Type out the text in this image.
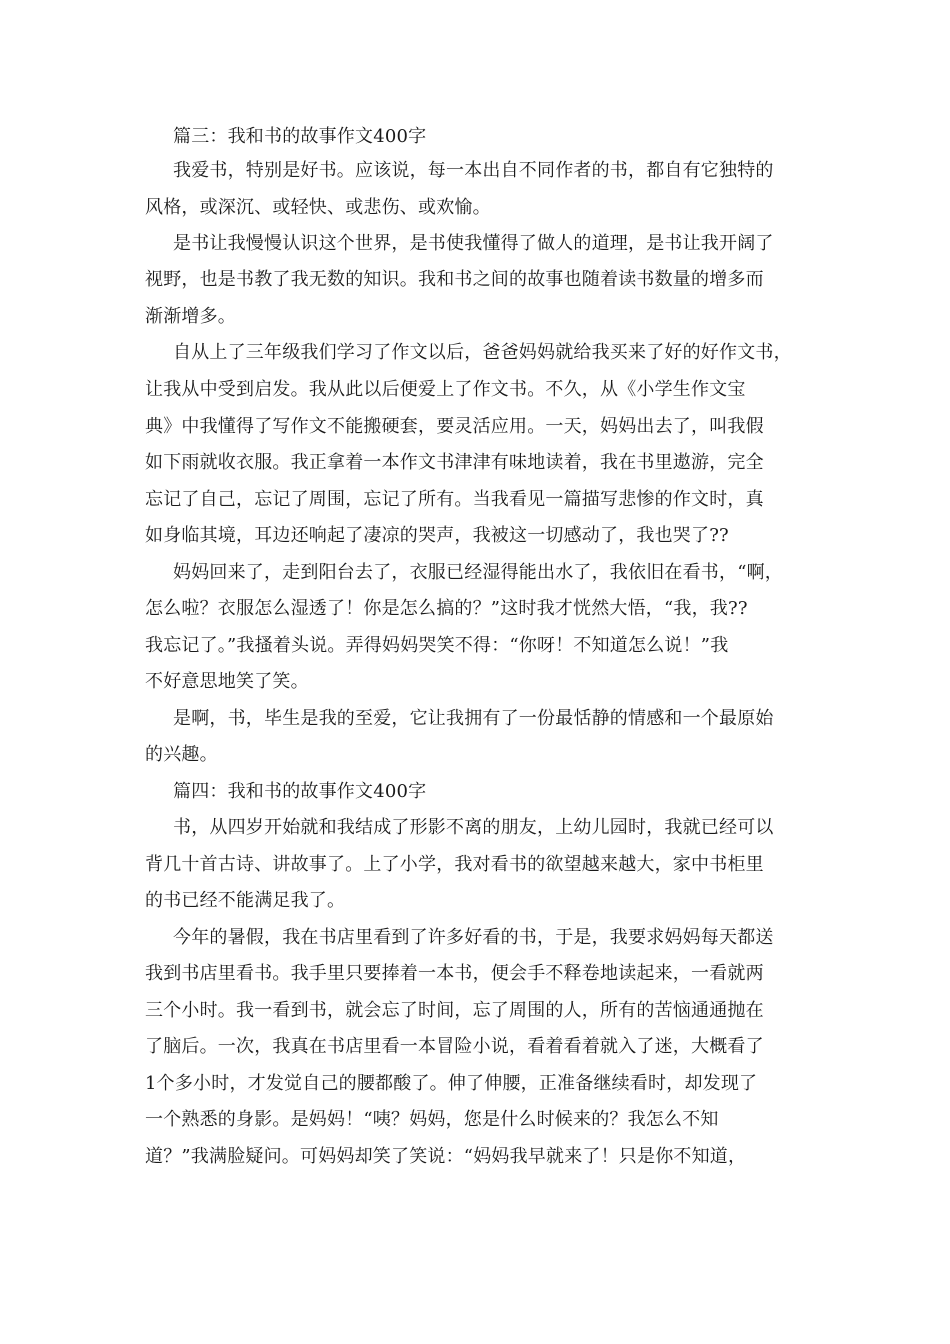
篇三：我和书的故事作文400字
我爱书，特别是好书。应该说，每一本出自不同作者的书，都自有它独特的
风格，或深沉、或轻快、或悲伤、或欢愉。
是书让我慢慢认识这个世界，是书使我懂得了做人的道理，是书让我开阔了
视野，也是书教了我无数的知识。我和书之间的故事也随着读书数量的增多而
渐渐增多。
自从上了三年级我们学习了作文以后，爸爸妈妈就给我买来了好的好作文书，
让我从中受到启发。我从此以后便爱上了作文书。不久，从《小学生作文宝
典》中我懂得了写作文不能搬硬套，要灵活应用。一天，妈妈出去了，叫我假
如下雨就收衣服。我正拿着一本作文书津津有味地读着，我在书里遨游，完全
忘记了自己，忘记了周围，忘记了所有。当我看见一篇描写悲惨的作文时，真
如身临其境，耳边还响起了凄凉的哭声，我被这一切感动了，我也哭了??
妈妈回来了，走到阳台去了，衣服已经湿得能出水了，我依旧在看书，“啊，
怎么啦？衣服怎么湿透了！你是怎么搞的？”这时我才恍然大悟，“我，我??
我忘记了。”我搔着头说。弄得妈妈哭笑不得：“你呀！不知道怎么说！”我
不好意思地笑了笑。
是啊，书，毕生是我的至爱，它让我拥有了一份最恬静的情感和一个最原始
的兴趣。
篇四：我和书的故事作文400字
书，从四岁开始就和我结成了形影不离的朋友，上幼儿园时，我就已经可以
背几十首古诗、讲故事了。上了小学，我对看书的欲望越来越大，家中书柜里
的书已经不能满足我了。
今年的暑假，我在书店里看到了许多好看的书，于是，我要求妈妈每天都送
我到书店里看书。我手里只要捧着一本书，便会手不释卷地读起来，一看就两
三个小时。我一看到书，就会忘了时间，忘了周围的人，所有的苦恼通通抛在
了脑后。一次，我真在书店里看一本冒险小说，看着看着就入了迷，大概看了
1个多小时，才发觉自己的腰都酸了。伸了伸腰，正准备继续看时，却发现了
一个熟悉的身影。是妈妈！“咦？妈妈，您是什么时候来的？我怎么不知
道？”我满脸疑问。可妈妈却笑了笑说：“妈妈我早就来了！只是你不知道，
